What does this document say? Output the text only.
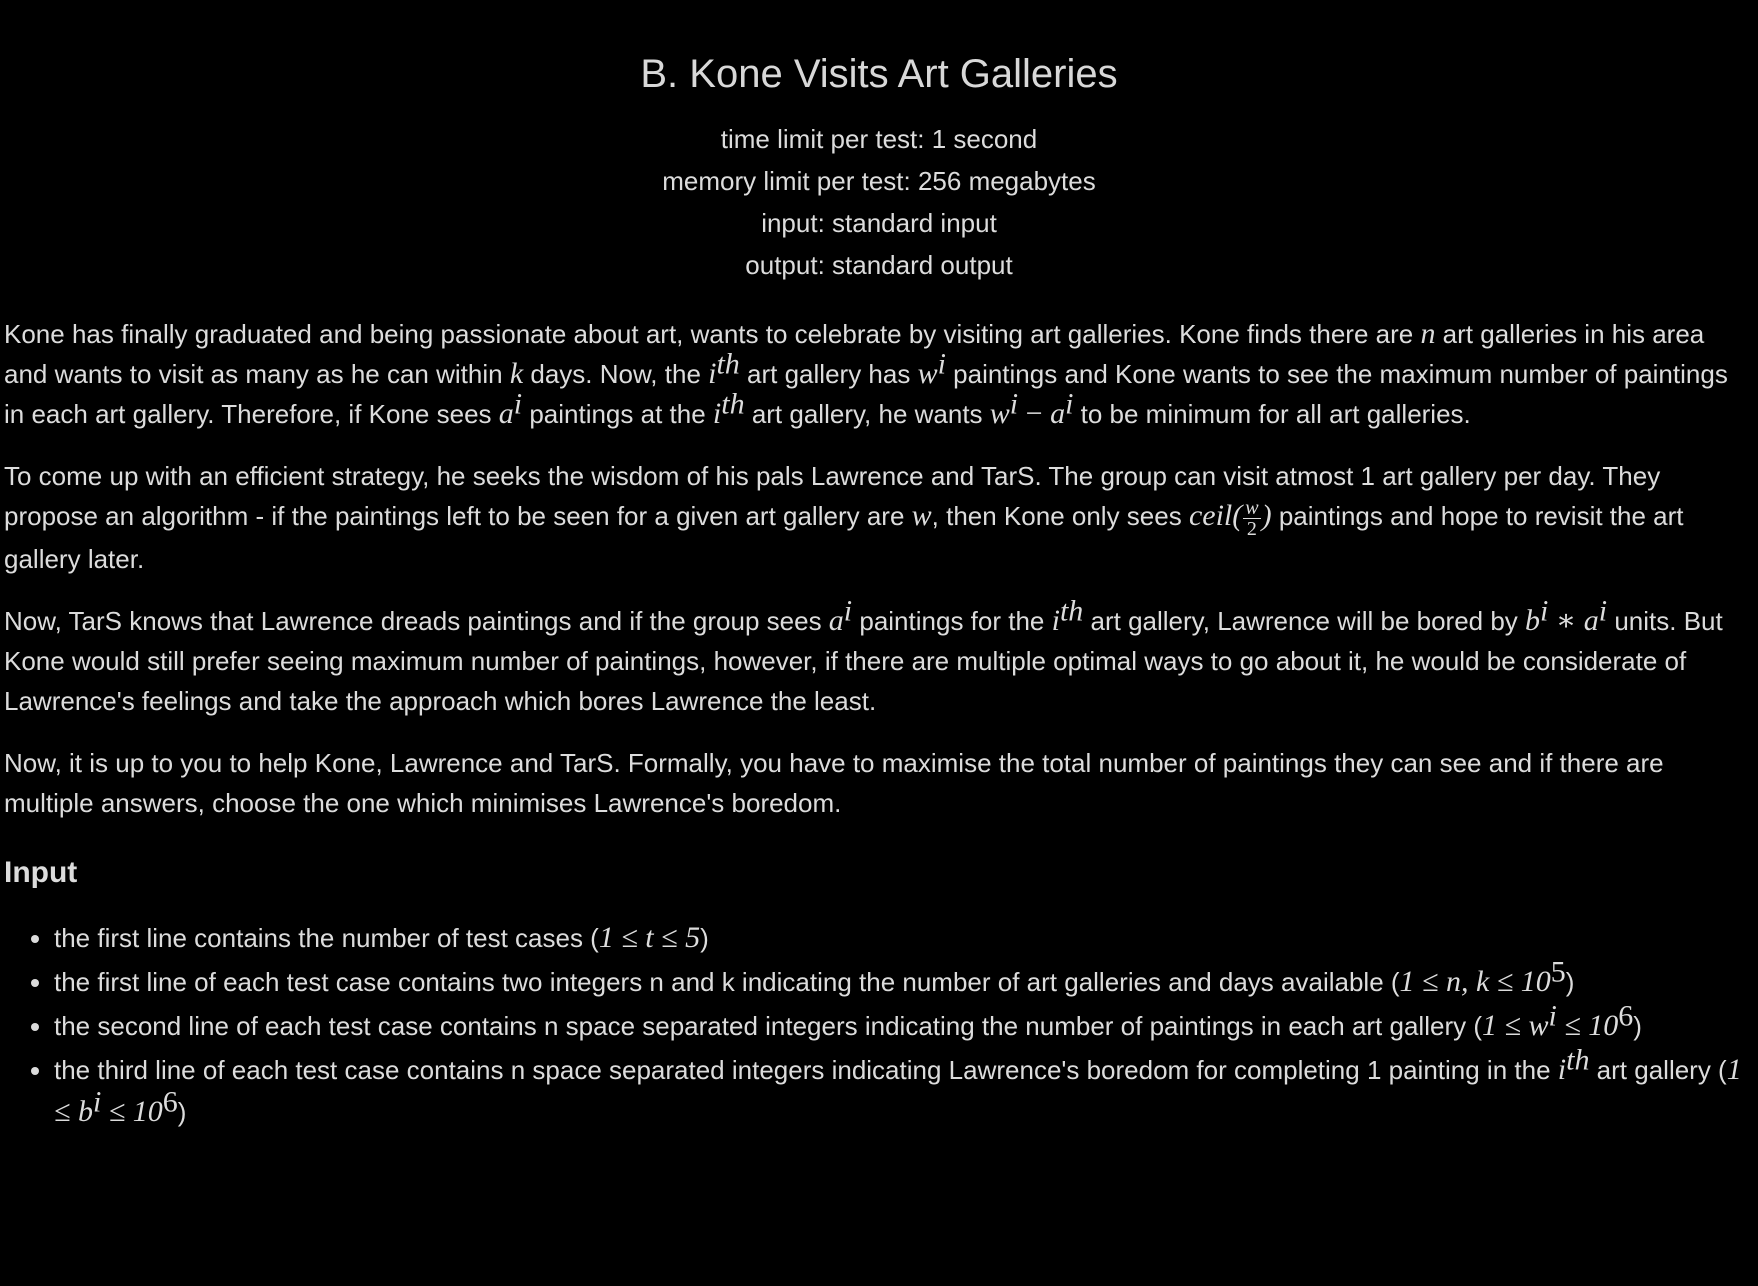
B. Kone Visits Art Galleries
time limit per test: 1 second
memory limit per test: 256 megabytes
input: standard input
output: standard output

Kone has finally graduated and being passionate about art, wants to celebrate by visiting art galleries. Kone finds there are n art galleries in his area and wants to visit as many as he can within k days. Now, the $i^{th}$ art gallery has $w^i$ paintings and Kone wants to see the maximum number of paintings in each art gallery. Therefore, if Kone sees $a^i$ paintings at the $i^{th}$ art gallery, he wants $w^i - a^i$ to be minimum for all art galleries.

To come up with an efficient strategy, he seeks the wisdom of his pals Lawrence and TarS. The group can visit atmost 1 art gallery per day. They propose an algorithm - if the paintings left to be seen for a given art gallery are w, then Kone only sees ceil( $\frac{w}{2}$ ) paintings and hope to revisit the art gallery later.

Now, TarS knows that Lawrence dreads paintings and if the group sees $a^i$ paintings for the $i^{th}$ art gallery, Lawrence will be bored by $b^i$ ∗ $a^i$ units. But Kone would still prefer seeing maximum number of paintings, however, if there are multiple optimal ways to go about it, he would be considerate of Lawrence's feelings and take the approach which bores Lawrence the least.

Now, it is up to you to help Kone, Lawrence and TarS. Formally, you have to maximise the total number of paintings they can see and if there are multiple answers, choose the one which minimises Lawrence's boredom.

Input
• the first line contains the number of test cases (1 ≤ t ≤ 5)
• the first line of each test case contains two integers n and k indicating the number of art galleries and days available (1 ≤ n, $k \le 10^5$)
• the second line of each test case contains n space separated integers indicating the number of paintings in each art gallery $(1 \le w^i \le 10^6)$
• the third line of each test case contains n space separated integers indicating Lawrence's boredom for completing 1 painting in the $i^{th}$ art gallery $(1 \le b^i \le 10^6)$
